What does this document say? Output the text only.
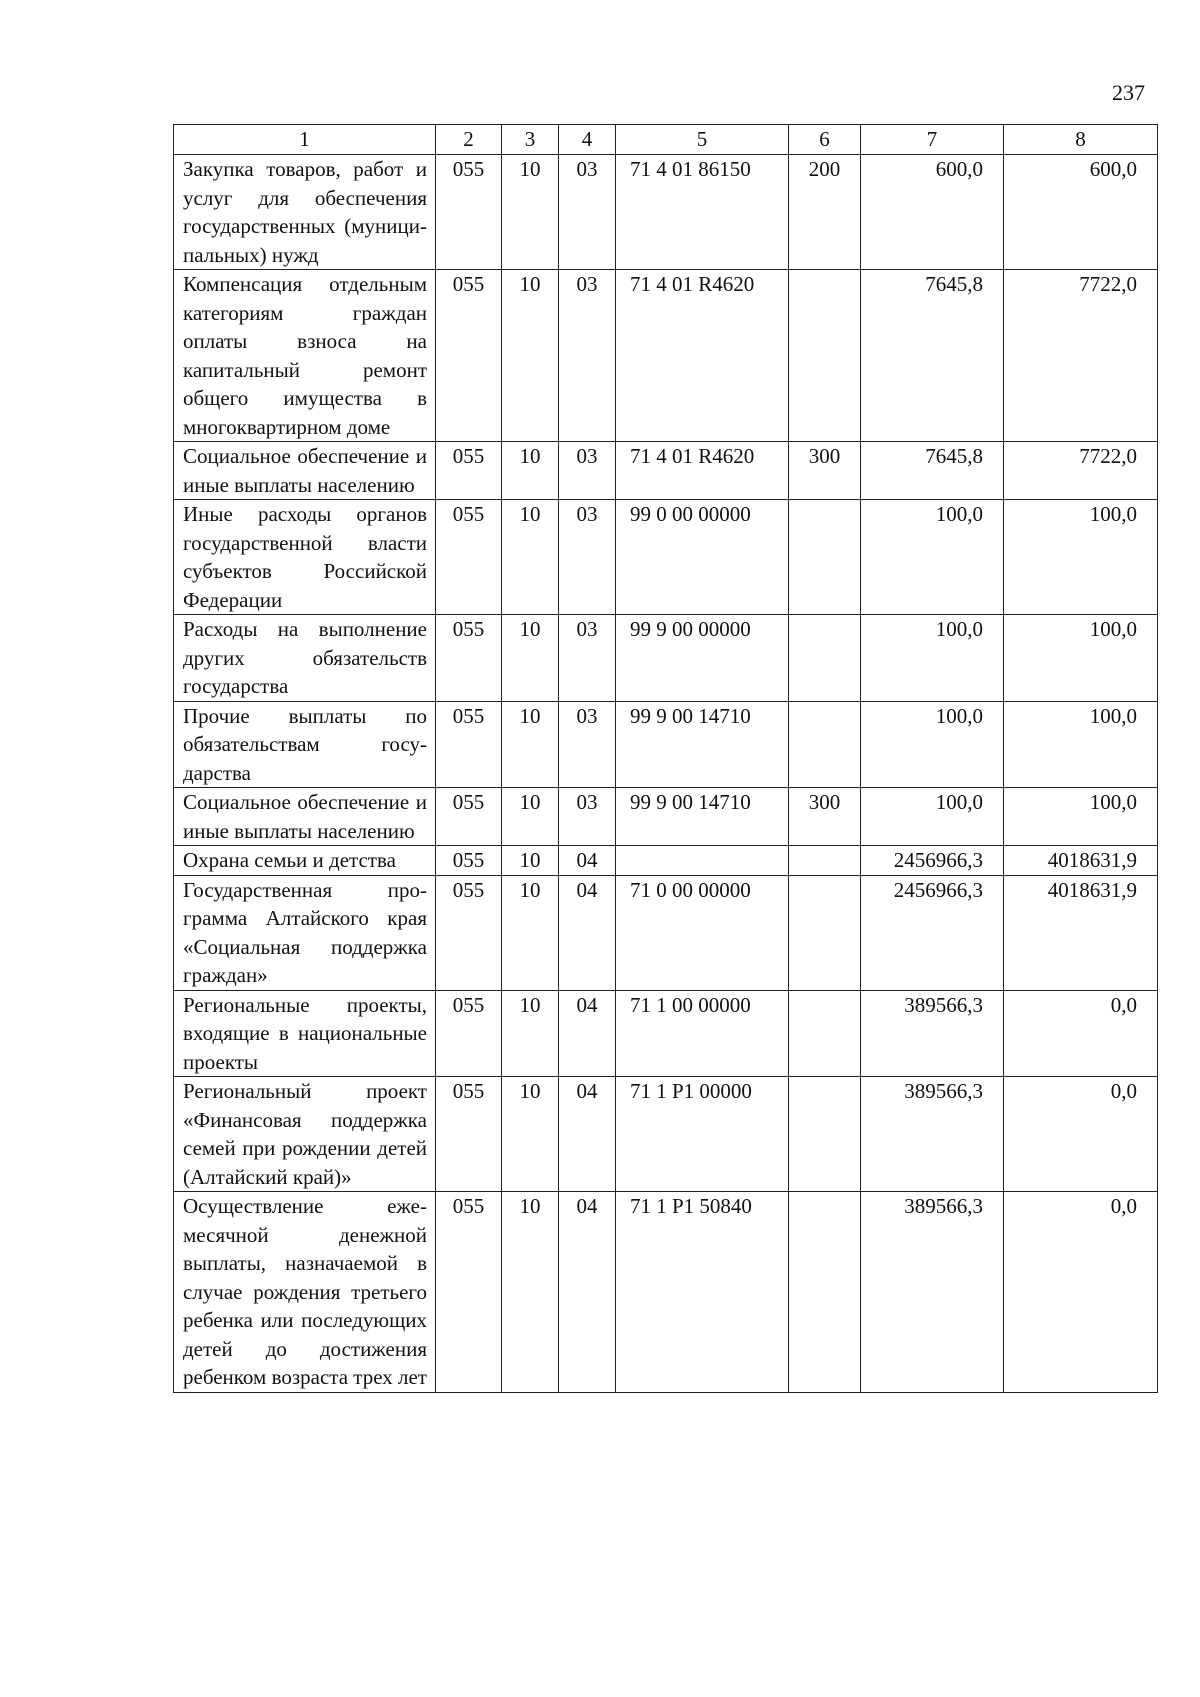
237
1	2	3	4	5	6	7	8
Закупка товаров, работ и услуг для обеспечения государственных (муниципальных) нужд	055	10	03	71 4 01 86150	200	600,0	600,0
Компенсация отдельным категориям граждан оплаты взноса на капитальный ремонт общего имущества в многоквартирном доме	055	10	03	71 4 01 R4620		7645,8	7722,0
Социальное обеспечение и иные выплаты населению	055	10	03	71 4 01 R4620	300	7645,8	7722,0
Иные расходы органов государственной власти субъектов Российской Федерации	055	10	03	99 0 00 00000		100,0	100,0
Расходы на выполнение других обязательств государства	055	10	03	99 9 00 00000		100,0	100,0
Прочие выплаты по обязательствам государства	055	10	03	99 9 00 14710		100,0	100,0
Социальное обеспечение и иные выплаты населению	055	10	03	99 9 00 14710	300	100,0	100,0
Охрана семьи и детства	055	10	04			2456966,3	4018631,9
Государственная программа Алтайского края «Социальная поддержка граждан»	055	10	04	71 0 00 00000		2456966,3	4018631,9
Региональные проекты, входящие в национальные проекты	055	10	04	71 1 00 00000		389566,3	0,0
Региональный проект «Финансовая поддержка семей при рождении детей (Алтайский край)»	055	10	04	71 1 P1 00000		389566,3	0,0
Осуществление ежемесячной денежной выплаты, назначаемой в случае рождения третьего ребенка или последующих детей до достижения ребенком возраста трех лет	055	10	04	71 1 P1 50840		389566,3	0,0
